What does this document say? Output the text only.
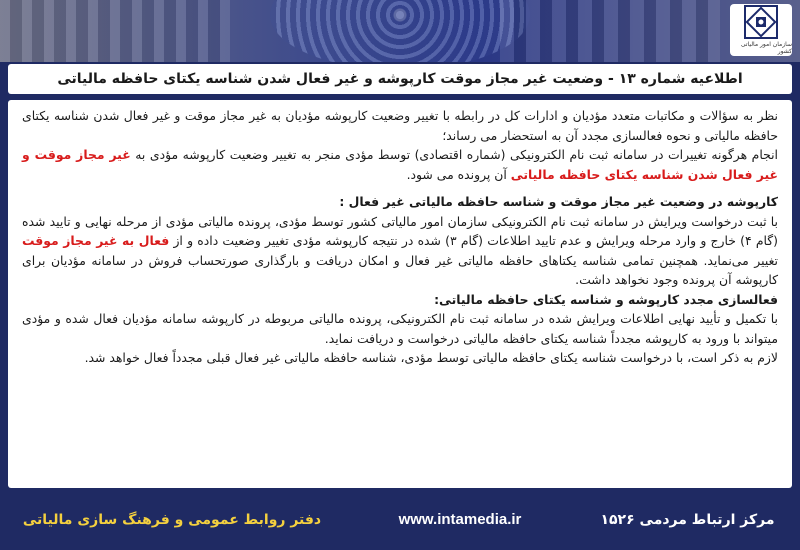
سازمان امور مالیاتی کشور
اطلاعیه شماره ۱۳ - وضعیت غیر مجاز موقت کارپوشه و غیر فعال شدن شناسه یکتای حافظه مالیاتی

نظر به سؤالات و مکاتبات متعدد مؤدیان و ادارات کل در رابطه با تغییر وضعیت کارپوشه مؤدیان به غیر مجاز موقت و غیر فعال شدن شناسه یکتای حافظه مالیاتی و نحوه فعالسازی مجدد آن به استحضار می رساند؛

انجام هرگونه تغییرات در سامانه ثبت نام الکترونیکی (شماره اقتصادی) توسط مؤدی منجر به تغییر وضعیت کارپوشه مؤدی به غیر مجاز موقت و غیر فعال شدن شناسه یکتای حافظه مالیاتی آن پرونده می شود.

کارپوشه در وضعیت غیر مجاز موقت و شناسه حافظه مالیاتی غیر فعال :

با ثبت درخواست ویرایش در سامانه ثبت نام الکترونیکی سازمان امور مالیاتی کشور توسط مؤدی، پرونده مالیاتی مؤدی از مرحله نهایی و تایید شده (گام ۴) خارج و وارد مرحله ویرایش و عدم تایید اطلاعات (گام ۳) شده در نتیجه کارپوشه مؤدی تغییر وضعیت داده و از فعال به غیر مجاز موقت تغییر می‌نماید. همچنین تمامی شناسه یکتاهای حافظه مالیاتی غیر فعال و امکان دریافت و بارگذاری صورتحساب فروش در سامانه مؤدیان برای کارپوشه آن پرونده وجود نخواهد داشت.

فعالسازی مجدد کارپوشه و شناسه یکتای حافظه مالیاتی:

با تکمیل و تأیید نهایی اطلاعات ویرایش شده در سامانه ثبت نام الکترونیکی، پرونده مالیاتی مربوطه در کارپوشه سامانه مؤدیان فعال شده و مؤدی میتواند با ورود به کارپوشه مجدداً شناسه یکتای حافظه مالیاتی درخواست و دریافت نماید.

لازم به ذکر است، با درخواست شناسه یکتای حافظه مالیاتی توسط مؤدی، شناسه حافظه مالیاتی غیر فعال قبلی مجدداً فعال خواهد شد.

دفتر روابط عمومی و فرهنگ سازی مالیاتی	www.intamedia.ir	مرکز ارتباط مردمی ۱۵۲۶
